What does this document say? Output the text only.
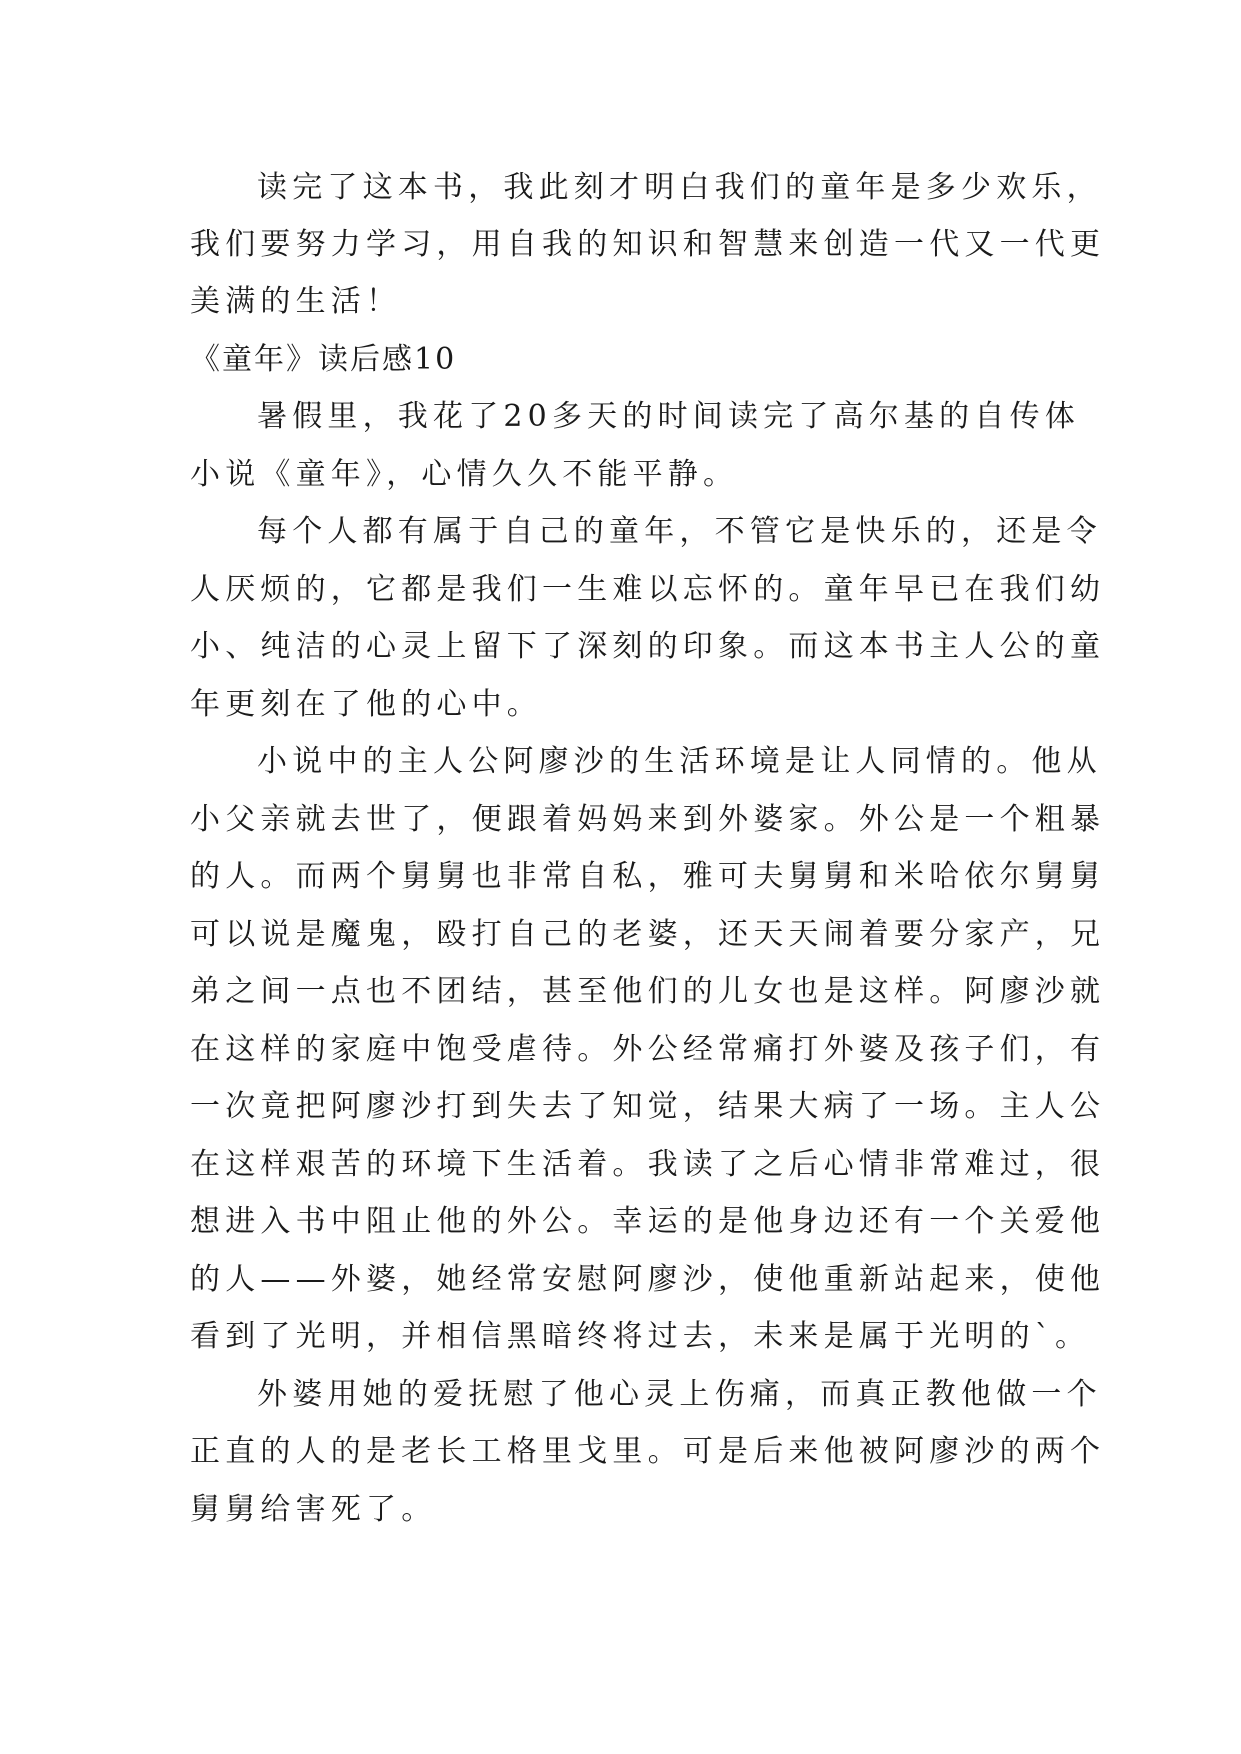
读完了这本书，我此刻才明白我们的童年是多少欢乐，
我们要努力学习，用自我的知识和智慧来创造一代又一代更
美满的生活！
《童年》读后感10
暑假里，我花了20多天的时间读完了高尔基的自传体
小说《童年》，心情久久不能平静。
每个人都有属于自己的童年，不管它是快乐的，还是令
人厌烦的，它都是我们一生难以忘怀的。童年早已在我们幼
小、纯洁的心灵上留下了深刻的印象。而这本书主人公的童
年更刻在了他的心中。
小说中的主人公阿廖沙的生活环境是让人同情的。他从
小父亲就去世了，便跟着妈妈来到外婆家。外公是一个粗暴
的人。而两个舅舅也非常自私，雅可夫舅舅和米哈依尔舅舅
可以说是魔鬼，殴打自己的老婆，还天天闹着要分家产，兄
弟之间一点也不团结，甚至他们的儿女也是这样。阿廖沙就
在这样的家庭中饱受虐待。外公经常痛打外婆及孩子们，有
一次竟把阿廖沙打到失去了知觉，结果大病了一场。主人公
在这样艰苦的环境下生活着。我读了之后心情非常难过，很
想进入书中阻止他的外公。幸运的是他身边还有一个关爱他
的人——外婆，她经常安慰阿廖沙，使他重新站起来，使他
看到了光明，并相信黑暗终将过去，未来是属于光明的`。
外婆用她的爱抚慰了他心灵上伤痛，而真正教他做一个
正直的人的是老长工格里戈里。可是后来他被阿廖沙的两个
舅舅给害死了。
